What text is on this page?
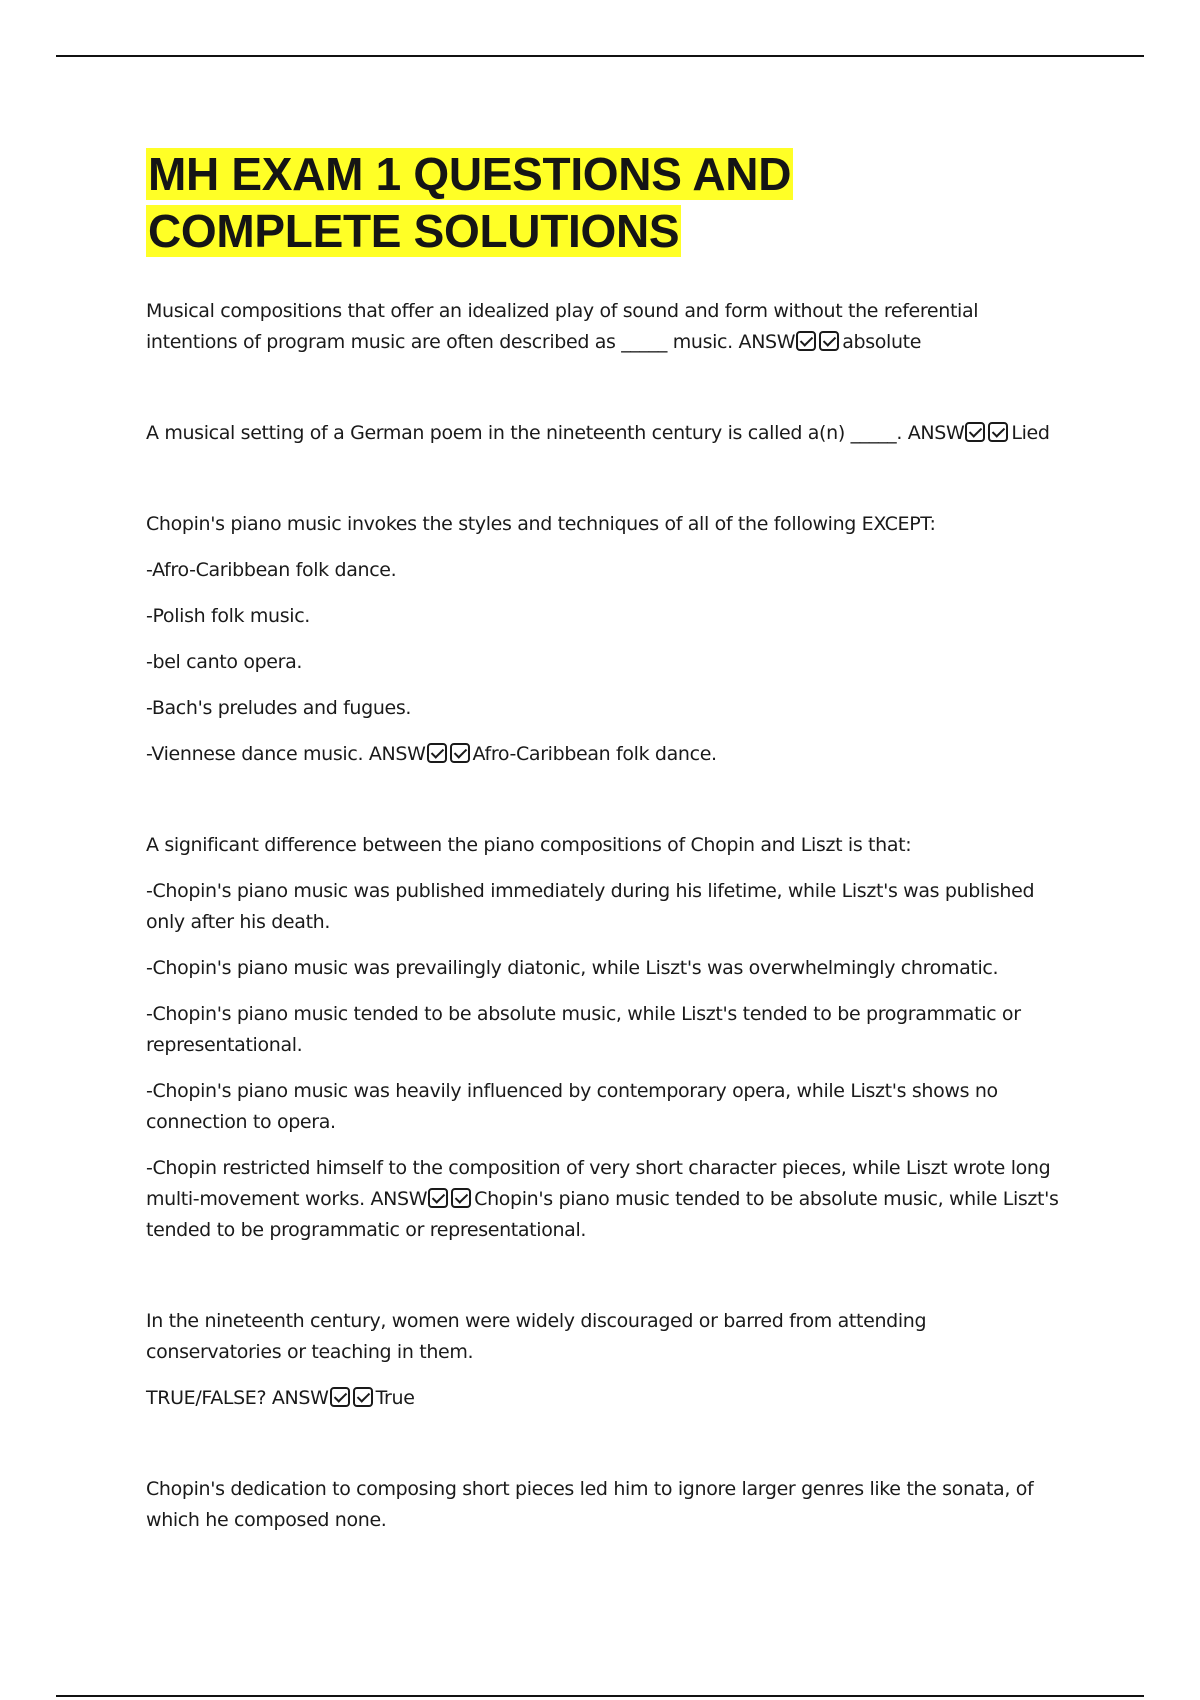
MH EXAM 1 QUESTIONS AND
COMPLETE SOLUTIONS

Musical compositions that offer an idealized play of sound and form without the referential intentions of program music are often described as _____ music. ANSW absolute

A musical setting of a German poem in the nineteenth century is called a(n) _____. ANSW Lied

Chopin's piano music invokes the styles and techniques of all of the following EXCEPT:

-Afro-Caribbean folk dance.

-Polish folk music.

-bel canto opera.

-Bach's preludes and fugues.

-Viennese dance music. ANSW Afro-Caribbean folk dance.

A significant difference between the piano compositions of Chopin and Liszt is that:

-Chopin's piano music was published immediately during his lifetime, while Liszt's was published only after his death.

-Chopin's piano music was prevailingly diatonic, while Liszt's was overwhelmingly chromatic.

-Chopin's piano music tended to be absolute music, while Liszt's tended to be programmatic or representational.

-Chopin's piano music was heavily influenced by contemporary opera, while Liszt's shows no connection to opera.

-Chopin restricted himself to the composition of very short character pieces, while Liszt wrote long multi-movement works. ANSW Chopin's piano music tended to be absolute music, while Liszt's tended to be programmatic or representational.

In the nineteenth century, women were widely discouraged or barred from attending conservatories or teaching in them.

TRUE/FALSE? ANSW True

Chopin's dedication to composing short pieces led him to ignore larger genres like the sonata, of which he composed none.
